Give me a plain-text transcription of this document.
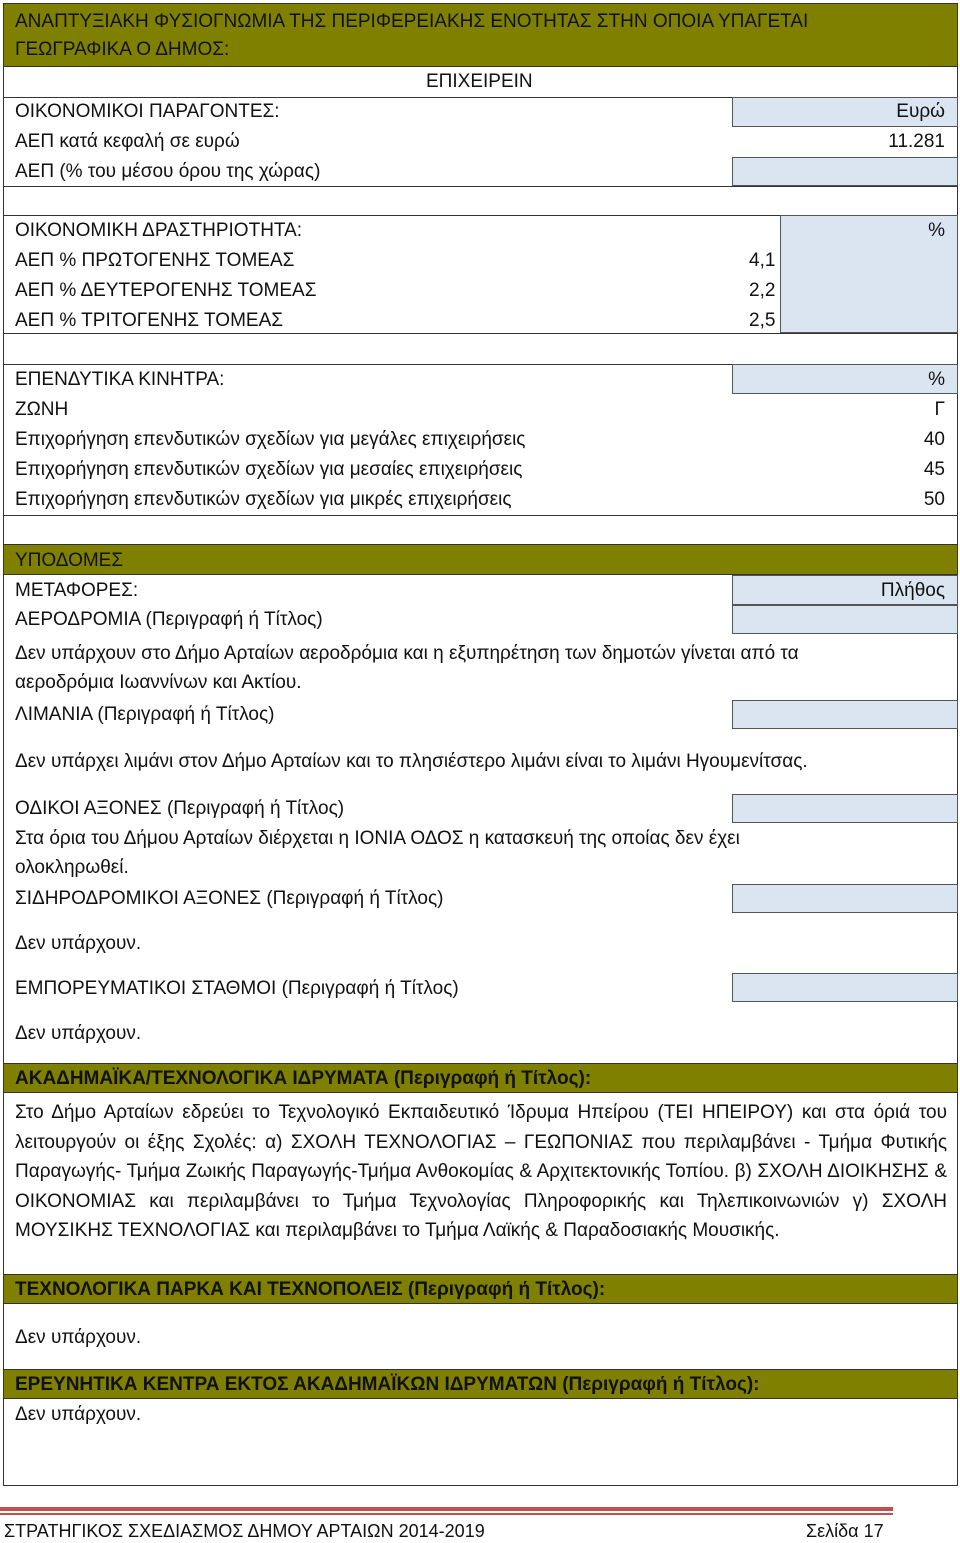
ΑΝΑΠΤΥΞΙΑΚΗ ΦΥΣΙΟΓΝΩΜΙΑ ΤΗΣ ΠΕΡΙΦΕΡΕΙΑΚΗΣ ΕΝΟΤΗΤΑΣ ΣΤΗΝ ΟΠΟΙΑ ΥΠΑΓΕΤΑΙ
ΓΕΩΓΡΑΦΙΚΑ Ο ΔΗΜΟΣ:
ΕΠΙΧΕΙΡΕΙΝ
ΟΙΚΟΝΟΜΙΚΟΙ ΠΑΡΑΓΟΝΤΕΣ:	Ευρώ
ΑΕΠ κατά κεφαλή σε ευρώ	11.281
ΑΕΠ (% του μέσου όρου της χώρας)
ΟΙΚΟΝΟΜΙΚΗ ΔΡΑΣΤΗΡΙΟΤΗΤΑ:	%
ΑΕΠ % ΠΡΩΤΟΓΕΝΗΣ ΤΟΜΕΑΣ	4,1
ΑΕΠ % ΔΕΥΤΕΡΟΓΕΝΗΣ ΤΟΜΕΑΣ	2,2
ΑΕΠ % ΤΡΙΤΟΓΕΝΗΣ ΤΟΜΕΑΣ	2,5
ΕΠΕΝΔΥΤΙΚΑ ΚΙΝΗΤΡΑ:	%
ΖΩΝΗ	Γ
Επιχορήγηση επενδυτικών σχεδίων για μεγάλες επιχειρήσεις	40
Επιχορήγηση επενδυτικών σχεδίων για μεσαίες επιχειρήσεις	45
Επιχορήγηση επενδυτικών σχεδίων για μικρές επιχειρήσεις	50
ΥΠΟΔΟΜΕΣ
ΜΕΤΑΦΟΡΕΣ:	Πλήθος
ΑΕΡΟΔΡΟΜΙΑ (Περιγραφή ή Τίτλος)
Δεν υπάρχουν στο Δήμο Αρταίων αεροδρόμια και η εξυπηρέτηση των δημοτών γίνεται από τα
αεροδρόμια Ιωαννίνων και Ακτίου.
ΛΙΜΑΝΙΑ (Περιγραφή ή Τίτλος)
Δεν υπάρχει λιμάνι στον Δήμο Αρταίων και το πλησιέστερο λιμάνι είναι το λιμάνι Ηγουμενίτσας.
ΟΔΙΚΟΙ ΑΞΟΝΕΣ (Περιγραφή ή Τίτλος)
Στα όρια του Δήμου Αρταίων διέρχεται η ΙΟΝΙΑ ΟΔΟΣ η κατασκευή της οποίας δεν έχει
ολοκληρωθεί.
ΣΙΔΗΡΟΔΡΟΜΙΚΟΙ ΑΞΟΝΕΣ (Περιγραφή ή Τίτλος)
Δεν υπάρχουν.
ΕΜΠΟΡΕΥΜΑΤΙΚΟΙ ΣΤΑΘΜΟΙ (Περιγραφή ή Τίτλος)
Δεν υπάρχουν.
ΑΚΑΔΗΜΑΪΚΑ/ΤΕΧΝΟΛΟΓΙΚΑ ΙΔΡΥΜΑΤΑ (Περιγραφή ή Τίτλος):
Στο Δήμο Αρταίων εδρεύει το Τεχνολογικό Εκπαιδευτικό Ίδρυμα Ηπείρου (ΤΕΙ ΗΠΕΙΡΟΥ) και στα όριά του λειτουργούν οι έξης Σχολές: α) ΣΧΟΛΗ ΤΕΧΝΟΛΟΓΙΑΣ – ΓΕΩΠΟΝΙΑΣ που περιλαμβάνει - Τμήμα Φυτικής Παραγωγής- Τμήμα Ζωικής Παραγωγής-Τμήμα Ανθοκομίας & Αρχιτεκτονικής Τοπίου. β) ΣΧΟΛΗ ΔΙΟΙΚΗΣΗΣ & ΟΙΚΟΝΟΜΙΑΣ και περιλαμβάνει το Τμήμα Τεχνολογίας Πληροφορικής και Τηλεπικοινωνιών γ) ΣΧΟΛΗ ΜΟΥΣΙΚΗΣ ΤΕΧΝΟΛΟΓΙΑΣ και περιλαμβάνει το Τμήμα Λαϊκής & Παραδοσιακής Μουσικής.
ΤΕΧΝΟΛΟΓΙΚΑ ΠΑΡΚΑ ΚΑΙ ΤΕΧΝΟΠΟΛΕΙΣ (Περιγραφή ή Τίτλος):
Δεν υπάρχουν.
ΕΡΕΥΝΗΤΙΚΑ ΚΕΝΤΡΑ ΕΚΤΟΣ ΑΚΑΔΗΜΑΪΚΩΝ ΙΔΡΥΜΑΤΩΝ (Περιγραφή ή Τίτλος):
Δεν υπάρχουν.
ΣΤΡΑΤΗΓΙΚΟΣ ΣΧΕΔΙΑΣΜΟΣ ΔΗΜΟΥ ΑΡΤΑΙΩΝ 2014-2019	Σελίδα 17
